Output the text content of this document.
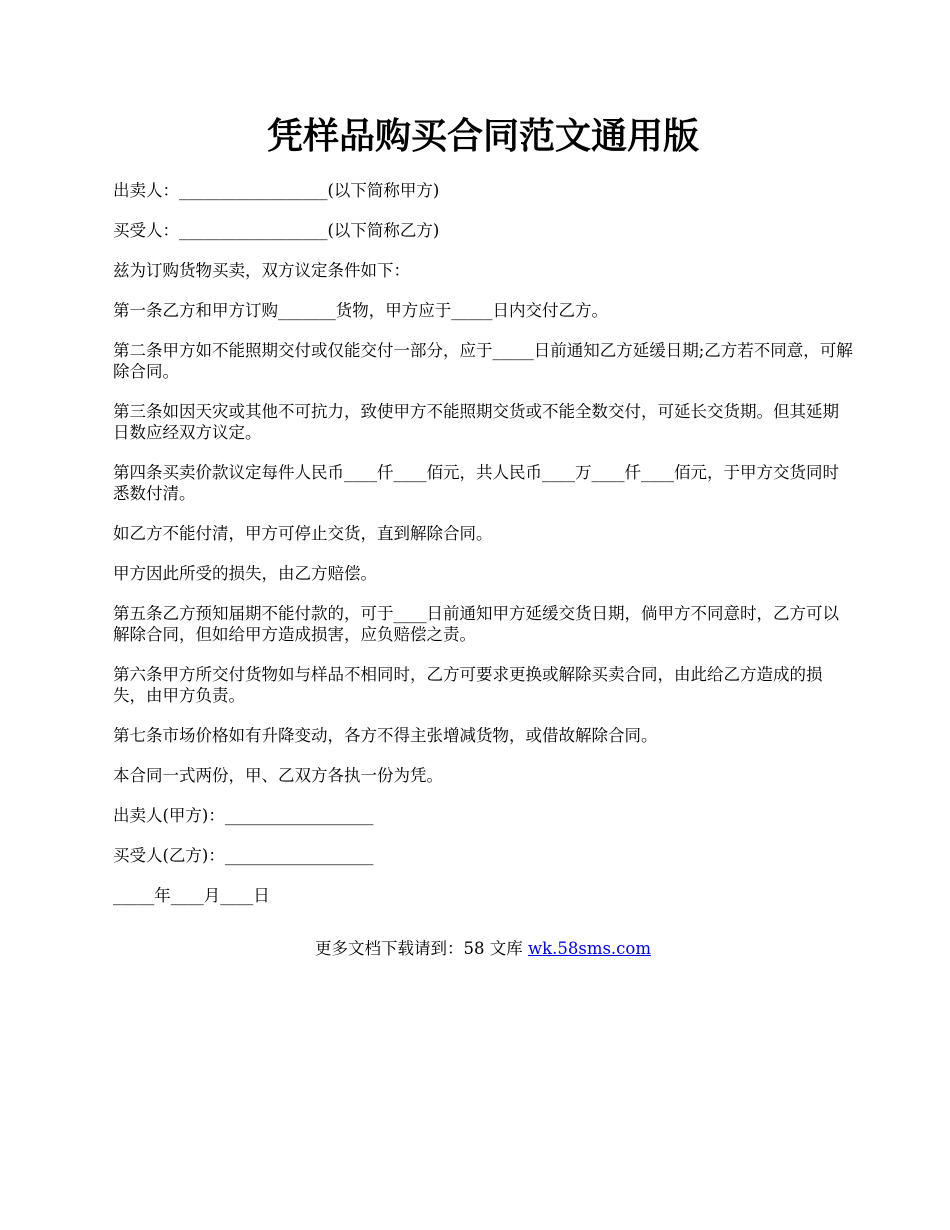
凭样品购买合同范文通用版

出卖人：__________________(以下简称甲方)

买受人：__________________(以下简称乙方)

兹为订购货物买卖，双方议定条件如下：

第一条乙方和甲方订购_______货物，甲方应于_____日内交付乙方。

第二条甲方如不能照期交付或仅能交付一部分，应于_____日前通知乙方延缓日期;乙方若不同意，可解除合同。

第三条如因天灾或其他不可抗力，致使甲方不能照期交货或不能全数交付，可延长交货期。但其延期日数应经双方议定。

第四条买卖价款议定每件人民币____仟____佰元，共人民币____万____仟____佰元，于甲方交货同时悉数付清。

如乙方不能付清，甲方可停止交货，直到解除合同。

甲方因此所受的损失，由乙方赔偿。

第五条乙方预知届期不能付款的，可于____日前通知甲方延缓交货日期，倘甲方不同意时，乙方可以解除合同，但如给甲方造成损害，应负赔偿之责。

第六条甲方所交付货物如与样品不相同时，乙方可要求更换或解除买卖合同，由此给乙方造成的损失，由甲方负责。

第七条市场价格如有升降变动，各方不得主张增减货物，或借故解除合同。

本合同一式两份，甲、乙双方各执一份为凭。

出卖人(甲方)：__________________

买受人(乙方)：__________________

_____年____月____日

更多文档下载请到：58 文库 wk.58sms.com
